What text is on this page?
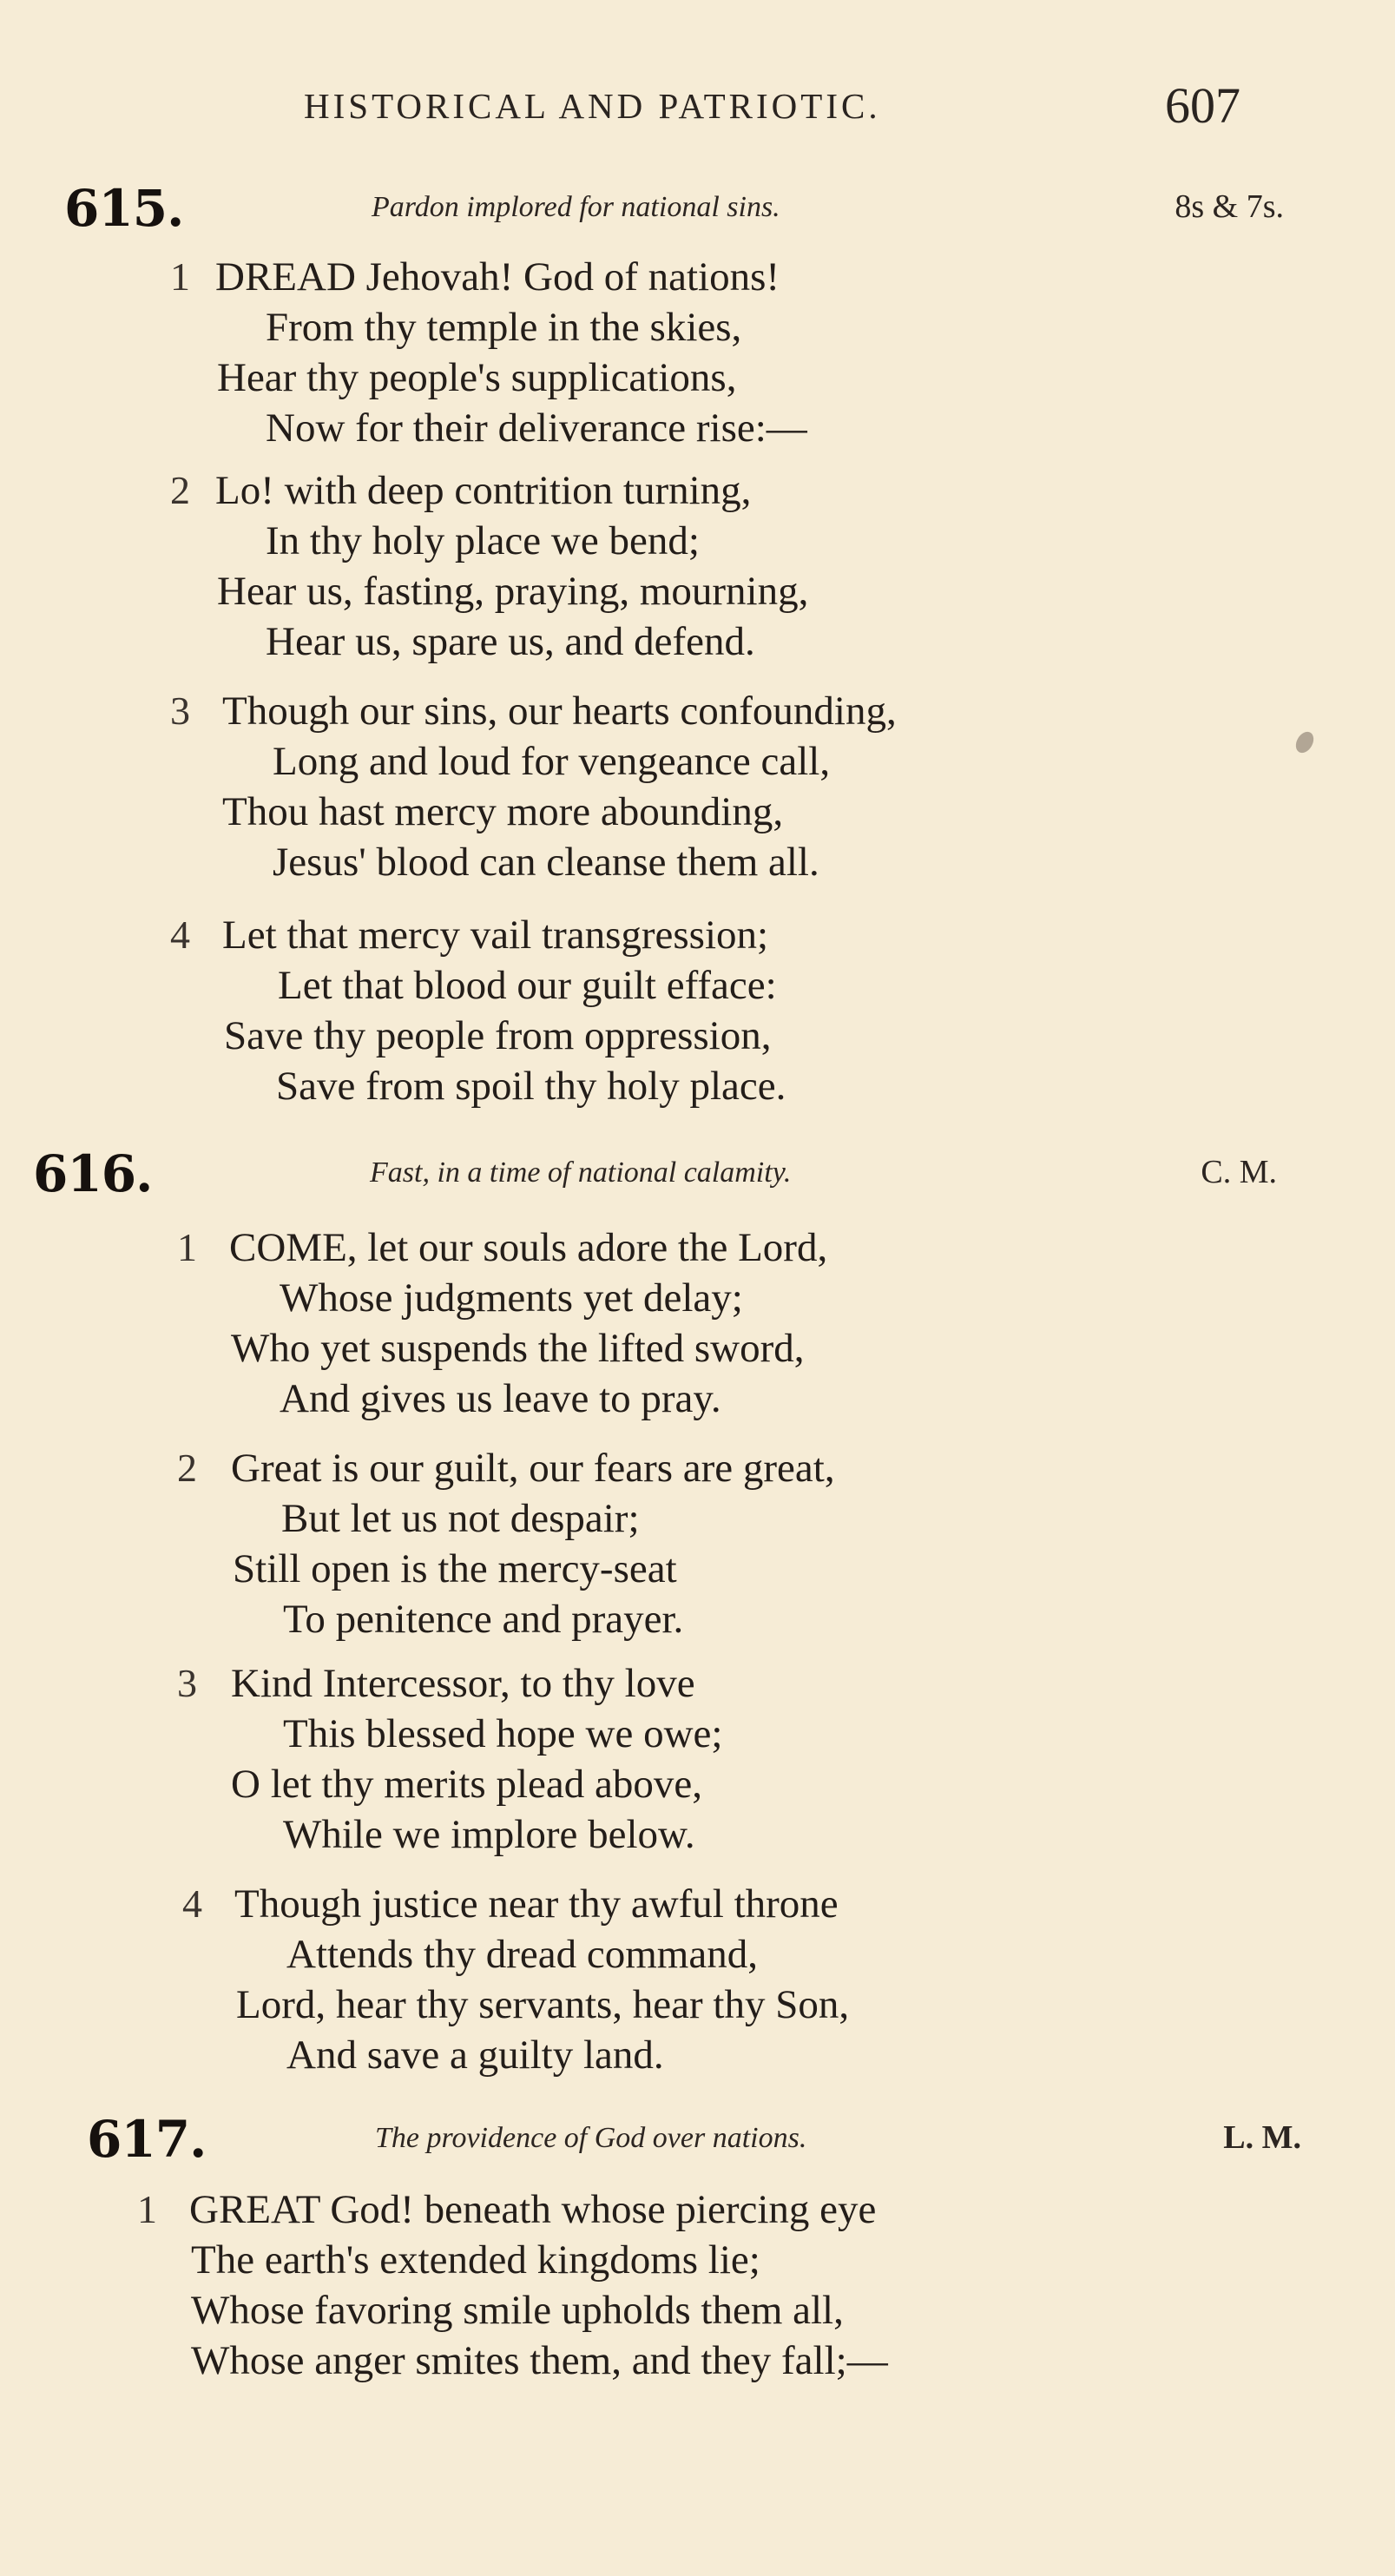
HISTORICAL AND PATRIOTIC.	607
615.	Pardon implored for national sins.	8s & 7s.
1 DREAD Jehovah! God of nations!
From thy temple in the skies,
Hear thy people's supplications,
Now for their deliverance rise:—
2 Lo! with deep contrition turning,
In thy holy place we bend;
Hear us, fasting, praying, mourning,
Hear us, spare us, and defend.
3 Though our sins, our hearts confounding,
Long and loud for vengeance call,
Thou hast mercy more abounding,
Jesus' blood can cleanse them all.
4 Let that mercy vail transgression;
Let that blood our guilt efface:
Save thy people from oppression,
Save from spoil thy holy place.
616.	Fast, in a time of national calamity.	C. M.
1 COME, let our souls adore the Lord,
Whose judgments yet delay;
Who yet suspends the lifted sword,
And gives us leave to pray.
2 Great is our guilt, our fears are great,
But let us not despair;
Still open is the mercy-seat
To penitence and prayer.
3 Kind Intercessor, to thy love
This blessed hope we owe;
O let thy merits plead above,
While we implore below.
4 Though justice near thy awful throne
Attends thy dread command,
Lord, hear thy servants, hear thy Son,
And save a guilty land.
617.	The providence of God over nations.	L. M.
1 GREAT God! beneath whose piercing eye
The earth's extended kingdoms lie;
Whose favoring smile upholds them all,
Whose anger smites them, and they fall;—
